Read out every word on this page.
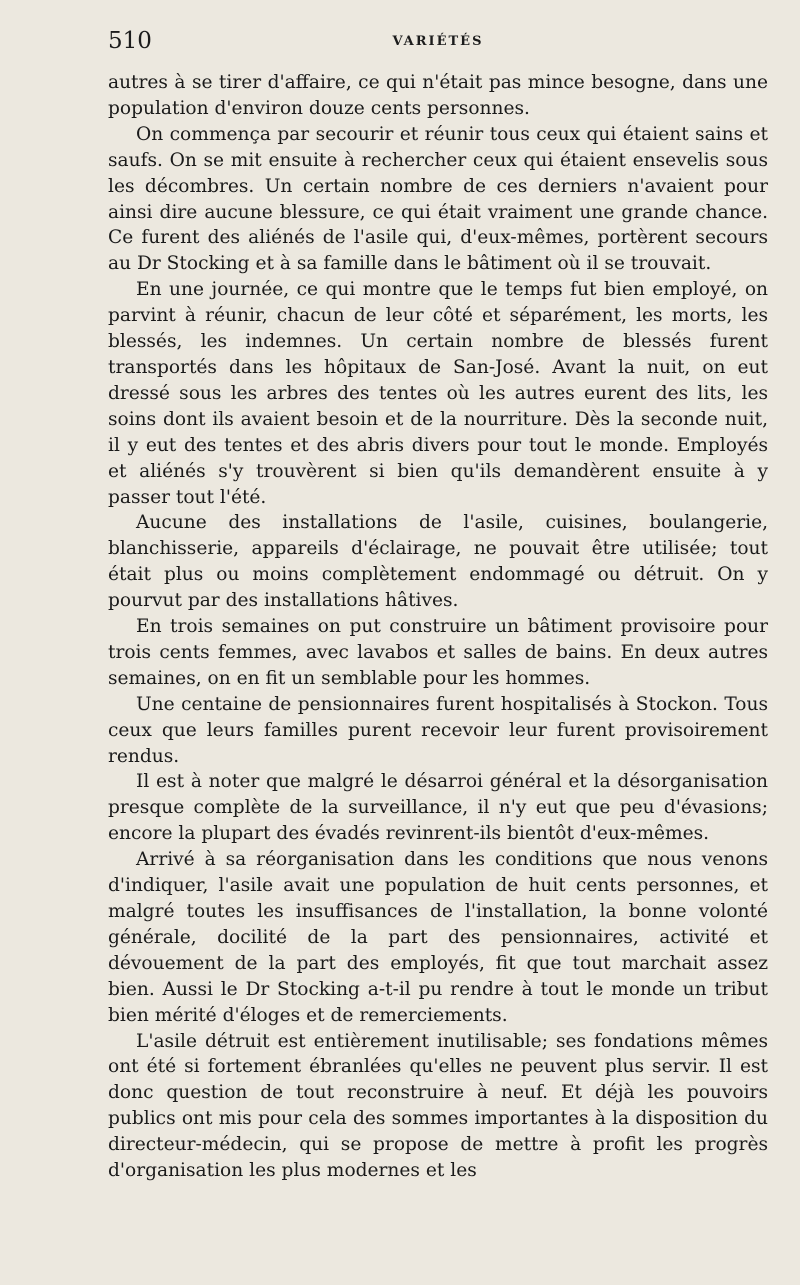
510	VARIÉTÉS

autres à se tirer d'affaire, ce qui n'était pas mince besogne, dans une population d'environ douze cents personnes.

On commença par secourir et réunir tous ceux qui étaient sains et saufs. On se mit ensuite à rechercher ceux qui étaient ensevelis sous les décombres. Un certain nombre de ces derniers n'avaient pour ainsi dire aucune blessure, ce qui était vraiment une grande chance. Ce furent des aliénés de l'asile qui, d'eux-mêmes, portèrent secours au Dr Stocking et à sa famille dans le bâtiment où il se trouvait.

En une journée, ce qui montre que le temps fut bien employé, on parvint à réunir, chacun de leur côté et séparément, les morts, les blessés, les indemnes. Un certain nombre de blessés furent transportés dans les hôpitaux de San-José. Avant la nuit, on eut dressé sous les arbres des tentes où les autres eurent des lits, les soins dont ils avaient besoin et de la nourriture. Dès la seconde nuit, il y eut des tentes et des abris divers pour tout le monde. Employés et aliénés s'y trouvèrent si bien qu'ils demandèrent ensuite à y passer tout l'été.

Aucune des installations de l'asile, cuisines, boulangerie, blanchisserie, appareils d'éclairage, ne pouvait être utilisée; tout était plus ou moins complètement endommagé ou détruit. On y pourvut par des installations hâtives.

En trois semaines on put construire un bâtiment provisoire pour trois cents femmes, avec lavabos et salles de bains. En deux autres semaines, on en fit un semblable pour les hommes.

Une centaine de pensionnaires furent hospitalisés à Stockon. Tous ceux que leurs familles purent recevoir leur furent provisoirement rendus.

Il est à noter que malgré le désarroi général et la désorganisation presque complète de la surveillance, il n'y eut que peu d'évasions; encore la plupart des évadés revinrent-ils bientôt d'eux-mêmes.

Arrivé à sa réorganisation dans les conditions que nous venons d'indiquer, l'asile avait une population de huit cents personnes, et malgré toutes les insuffisances de l'installation, la bonne volonté générale, docilité de la part des pensionnaires, activité et dévouement de la part des employés, fit que tout marchait assez bien. Aussi le Dr Stocking a-t-il pu rendre à tout le monde un tribut bien mérité d'éloges et de remerciements.

L'asile détruit est entièrement inutilisable; ses fondations mêmes ont été si fortement ébranlées qu'elles ne peuvent plus servir. Il est donc question de tout reconstruire à neuf. Et déjà les pouvoirs publics ont mis pour cela des sommes importantes à la disposition du directeur-médecin, qui se propose de mettre à profit les progrès d'organisation les plus modernes et les
